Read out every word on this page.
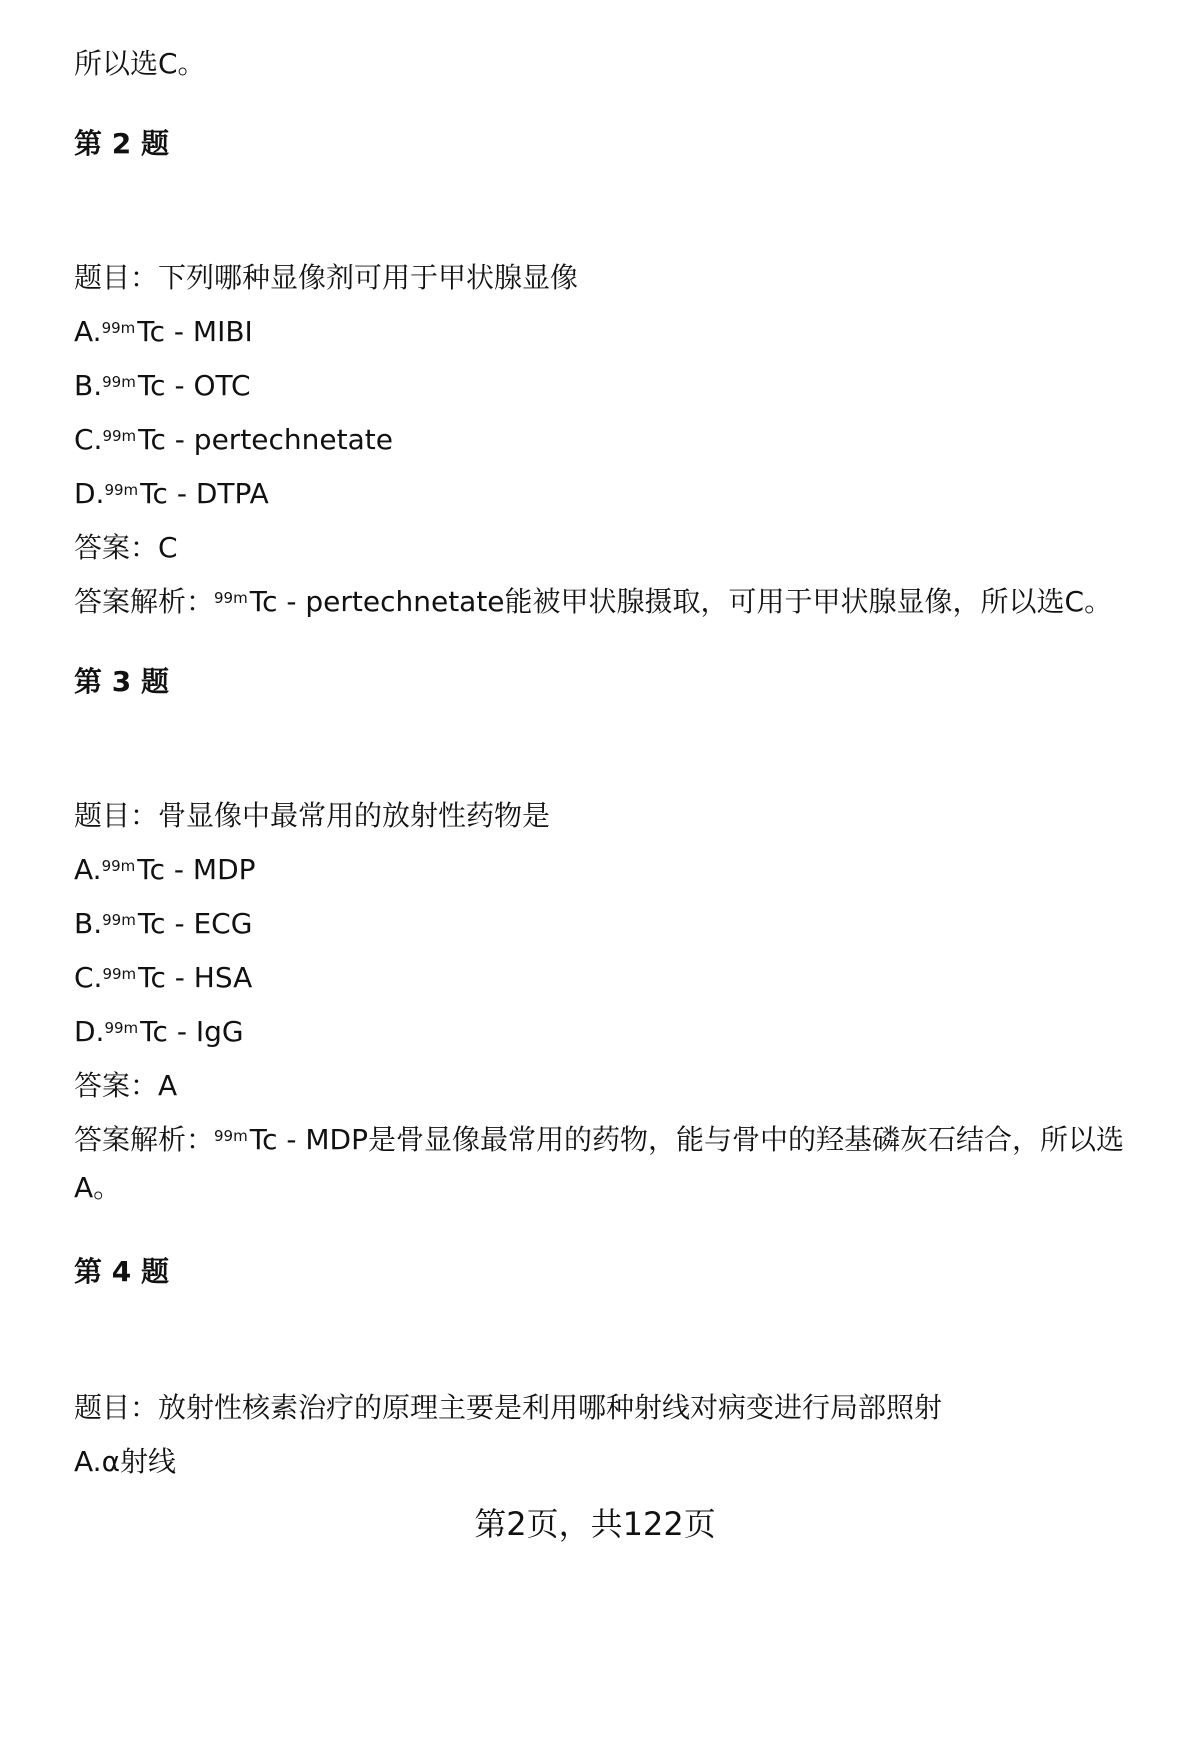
所以选C。
第 2 题
题目：下列哪种显像剂可用于甲状腺显像
A.$^{99m}$Tc - MIBI
B.$^{99m}$Tc - OTC
C.$^{99m}$Tc - pertechnetate
D.$^{99m}$Tc - DTPA
答案：C
答案解析：$^{99m}$Tc - pertechnetate能被甲状腺摄取，可用于甲状腺显像，所以选C。
第 3 题
题目：骨显像中最常用的放射性药物是
A.$^{99m}$Tc - MDP
B.$^{99m}$Tc - ECG
C.$^{99m}$Tc - HSA
D.$^{99m}$Tc - IgG
答案：A
答案解析：$^{99m}$Tc - MDP是骨显像最常用的药物，能与骨中的羟基磷灰石结合，所以选A。
第 4 题
题目：放射性核素治疗的原理主要是利用哪种射线对病变进行局部照射
A.α射线
第2页，共122页
